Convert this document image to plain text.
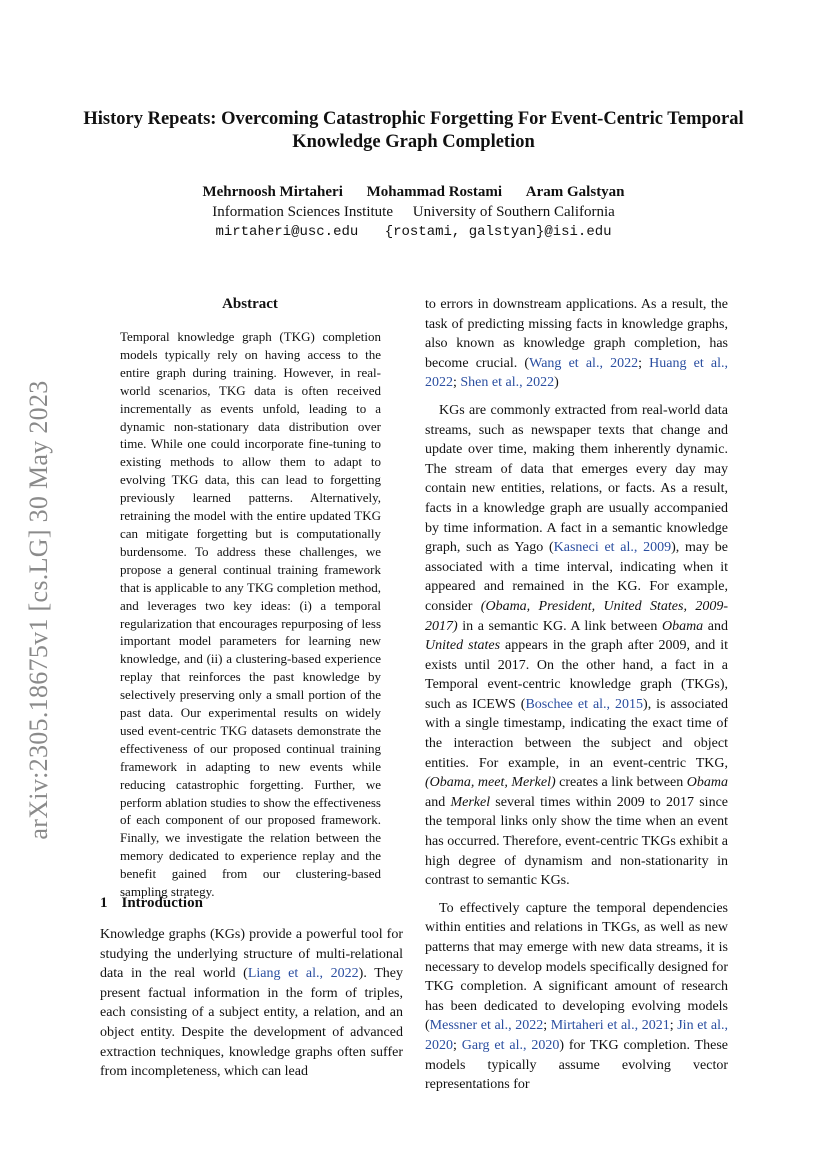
arXiv:2305.18675v1 [cs.LG] 30 May 2023
History Repeats: Overcoming Catastrophic Forgetting For Event-Centric Temporal Knowledge Graph Completion
Mehrnoosh Mirtaheri Mohammad Rostami Aram Galstyan
Information Sciences Institute University of Southern California
mirtaheri@usc.edu {rostami, galstyan}@isi.edu
Abstract
Temporal knowledge graph (TKG) completion models typically rely on having access to the entire graph during training. However, in real-world scenarios, TKG data is often received incrementally as events unfold, leading to a dynamic non-stationary data distribution over time. While one could incorporate fine-tuning to existing methods to allow them to adapt to evolving TKG data, this can lead to forgetting previously learned patterns. Alternatively, retraining the model with the entire updated TKG can mitigate forgetting but is computationally burdensome. To address these challenges, we propose a general continual training framework that is applicable to any TKG completion method, and leverages two key ideas: (i) a temporal regularization that encourages repurposing of less important model parameters for learning new knowledge, and (ii) a clustering-based experience replay that reinforces the past knowledge by selectively preserving only a small portion of the past data. Our experimental results on widely used event-centric TKG datasets demonstrate the effectiveness of our proposed continual training framework in adapting to new events while reducing catastrophic forgetting. Further, we perform ablation studies to show the effectiveness of each component of our proposed framework. Finally, we investigate the relation between the memory dedicated to experience replay and the benefit gained from our clustering-based sampling strategy.
1 Introduction

Knowledge graphs (KGs) provide a powerful tool for studying the underlying structure of multi-relational data in the real world (Liang et al., 2022). They present factual information in the form of triples, each consisting of a subject entity, a relation, and an object entity. Despite the development of advanced extraction techniques, knowledge graphs often suffer from incompleteness, which can lead

to errors in downstream applications. As a result, the task of predicting missing facts in knowledge graphs, also known as knowledge graph completion, has become crucial. (Wang et al., 2022; Huang et al., 2022; Shen et al., 2022)

KGs are commonly extracted from real-world data streams, such as newspaper texts that change and update over time, making them inherently dynamic. The stream of data that emerges every day may contain new entities, relations, or facts. As a result, facts in a knowledge graph are usually accompanied by time information. A fact in a semantic knowledge graph, such as Yago (Kasneci et al., 2009), may be associated with a time interval, indicating when it appeared and remained in the KG. For example, consider (Obama, President, United States, 2009-2017) in a semantic KG. A link between Obama and United states appears in the graph after 2009, and it exists until 2017. On the other hand, a fact in a Temporal event-centric knowledge graph (TKGs), such as ICEWS (Boschee et al., 2015), is associated with a single timestamp, indicating the exact time of the interaction between the subject and object entities. For example, in an event-centric TKG, (Obama, meet, Merkel) creates a link between Obama and Merkel several times within 2009 to 2017 since the temporal links only show the time when an event has occurred. Therefore, event-centric TKGs exhibit a high degree of dynamism and non-stationarity in contrast to semantic KGs.

To effectively capture the temporal dependencies within entities and relations in TKGs, as well as new patterns that may emerge with new data streams, it is necessary to develop models specifically designed for TKG completion. A significant amount of research has been dedicated to developing evolving models (Messner et al., 2022; Mirtaheri et al., 2021; Jin et al., 2020; Garg et al., 2020) for TKG completion. These models typically assume evolving vector representations for
